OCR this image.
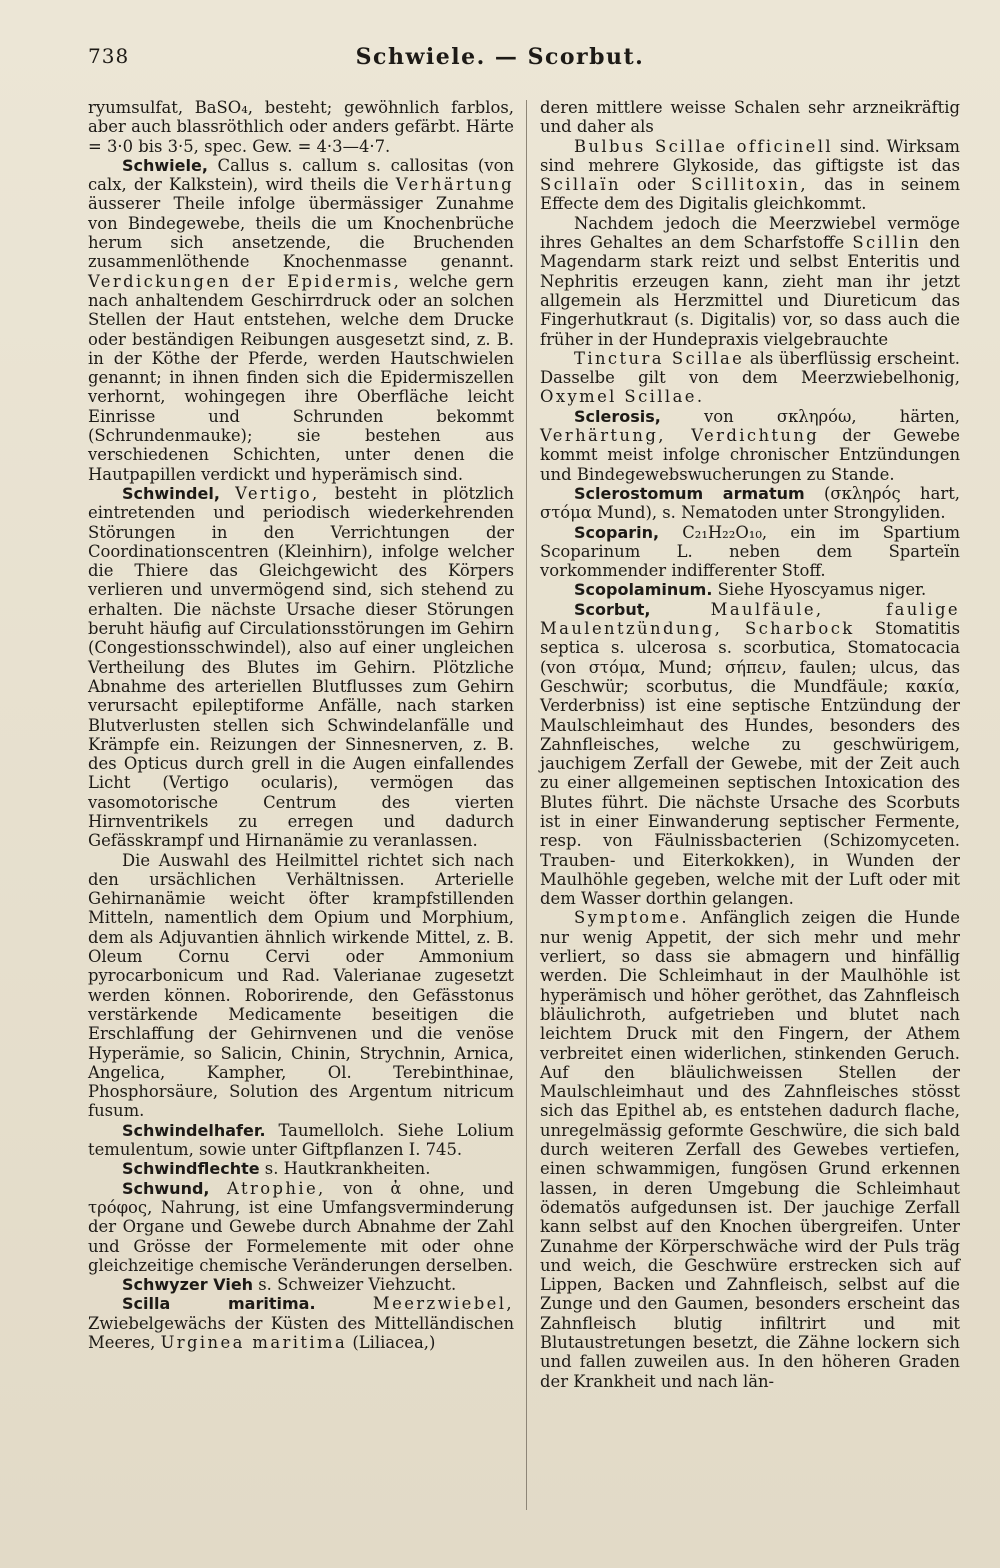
738	Schwiele. — Scorbut.

ryumsulfat, BaSO₄, besteht; gewöhnlich farblos, aber auch blassröthlich oder anders gefärbt. Härte = 3·0 bis 3·5, spec. Gew. = 4·3—4·7.

Schwiele, Callus s. callum s. callositas (von calx, der Kalkstein), wird theils die Verhärtung äusserer Theile infolge übermässiger Zunahme von Bindegewebe, theils die um Knochenbrüche herum sich ansetzende, die Bruchenden zusammenlöthende Knochenmasse genannt. Verdickungen der Epidermis, welche gern nach anhaltendem Geschirrdruck oder an solchen Stellen der Haut entstehen, welche dem Drucke oder beständigen Reibungen ausgesetzt sind, z. B. in der Köthe der Pferde, werden Hautschwielen genannt; in ihnen finden sich die Epidermiszellen verhornt, wohingegen ihre Oberfläche leicht Einrisse und Schrunden bekommt (Schrundenmauke); sie bestehen aus verschiedenen Schichten, unter denen die Hautpapillen verdickt und hyperämisch sind.

Schwindel, Vertigo, besteht in plötzlich eintretenden und periodisch wiederkehrenden Störungen in den Verrichtungen der Coordinationscentren (Kleinhirn), infolge welcher die Thiere das Gleichgewicht des Körpers verlieren und unvermögend sind, sich stehend zu erhalten. Die nächste Ursache dieser Störungen beruht häufig auf Circulationsstörungen im Gehirn (Congestionsschwindel), also auf einer ungleichen Vertheilung des Blutes im Gehirn. Plötzliche Abnahme des arteriellen Blutflusses zum Gehirn verursacht epileptiforme Anfälle, nach starken Blutverlusten stellen sich Schwindelanfälle und Krämpfe ein. Reizungen der Sinnesnerven, z. B. des Opticus durch grell in die Augen einfallendes Licht (Vertigo ocularis), vermögen das vasomotorische Centrum des vierten Hirnventrikels zu erregen und dadurch Gefässkrampf und Hirnanämie zu veranlassen.

Die Auswahl des Heilmittel richtet sich nach den ursächlichen Verhältnissen. Arterielle Gehirnanämie weicht öfter krampfstillenden Mitteln, namentlich dem Opium und Morphium, dem als Adjuvantien ähnlich wirkende Mittel, z. B. Oleum Cornu Cervi oder Ammonium pyrocarbonicum und Rad. Valerianae zugesetzt werden können. Roborirende, den Gefässtonus verstärkende Medicamente beseitigen die Erschlaffung der Gehirnvenen und die venöse Hyperämie, so Salicin, Chinin, Strychnin, Arnica, Angelica, Kampher, Ol. Terebinthinae, Phosphorsäure, Solution des Argentum nitricum fusum.

Schwindelhafer. Taumellolch. Siehe Lolium temulentum, sowie unter Giftpflanzen I. 745.

Schwindflechte s. Hautkrankheiten.

Schwund, Atrophie, von ἀ ohne, und τρόφος, Nahrung, ist eine Umfangsverminderung der Organe und Gewebe durch Abnahme der Zahl und Grösse der Formelemente mit oder ohne gleichzeitige chemische Veränderungen derselben.

Schwyzer Vieh s. Schweizer Viehzucht.

Scilla maritima.	Meerzwiebel, Zwiebelgewächs der Küsten des Mittelländischen Meeres, Urginea maritima (Liliacea,)

deren mittlere weisse Schalen sehr arzneikräftig und daher als

Bulbus Scillae officinell sind. Wirksam sind mehrere Glykoside, das giftigste ist das Scillaïn oder Scillitoxin, das in seinem Effecte dem des Digitalis gleichkommt.

Nachdem jedoch die Meerzwiebel vermöge ihres Gehaltes an dem Scharfstoffe Scillin den Magendarm stark reizt und selbst Enteritis und Nephritis erzeugen kann, zieht man ihr jetzt allgemein als Herzmittel und Diureticum das Fingerhutkraut (s. Digitalis) vor, so dass auch die früher in der Hundepraxis vielgebrauchte

Tinctura Scillae als überflüssig erscheint. Dasselbe gilt von dem Meerzwiebelhonig, Oxymel Scillae.

Sclerosis, von σκληρόω, härten, Verhärtung, Verdichtung der Gewebe kommt meist infolge chronischer Entzündungen und Bindegewebswucherungen zu Stande.

Sclerostomum armatum (σκληρός hart, στόμα Mund), s. Nematoden unter Strongyliden.

Scoparin, C₂₁H₂₂O₁₀, ein im Spartium Scoparinum L. neben dem Sparteïn vorkommender indifferenter Stoff.

Scopolaminum. Siehe Hyoscyamus niger.

Scorbut,	Maulfäule, faulige Maulentzündung, Scharbock Stomatitis septica s. ulcerosa s. scorbutica, Stomatocacia (von στόμα, Mund; σήπειν, faulen; ulcus, das Geschwür; scorbutus, die Mundfäule; κακία, Verderbniss) ist eine septische Entzündung der Maulschleimhaut des Hundes, besonders des Zahnfleisches, welche zu geschwürigem, jauchigem Zerfall der Gewebe, mit der Zeit auch zu einer allgemeinen septischen Intoxication des Blutes führt. Die nächste Ursache des Scorbuts ist in einer Einwanderung septischer Fermente, resp. von Fäulnissbacterien (Schizomyceten. Trauben- und Eiterkokken), in Wunden der Maulhöhle gegeben, welche mit der Luft oder mit dem Wasser dorthin gelangen.

Symptome. Anfänglich zeigen die Hunde nur wenig Appetit, der sich mehr und mehr verliert, so dass sie abmagern und hinfällig werden. Die Schleimhaut in der Maulhöhle ist hyperämisch und höher geröthet, das Zahnfleisch bläulichroth, aufgetrieben und blutet nach leichtem Druck mit den Fingern, der Athem verbreitet einen widerlichen, stinkenden Geruch. Auf den bläulichweissen Stellen der Maulschleimhaut und des Zahnfleisches stösst sich das Epithel ab, es entstehen dadurch flache, unregelmässig geformte Geschwüre, die sich bald durch weiteren Zerfall des Gewebes vertiefen, einen schwammigen, fungösen Grund erkennen lassen, in deren Umgebung die Schleimhaut ödematös aufgedunsen ist. Der jauchige Zerfall kann selbst auf den Knochen übergreifen. Unter Zunahme der Körperschwäche wird der Puls träg und weich, die Geschwüre erstrecken sich auf Lippen, Backen und Zahnfleisch, selbst auf die Zunge und den Gaumen, besonders erscheint das Zahnfleisch blutig infiltrirt und mit Blutaustretungen besetzt, die Zähne lockern sich und fallen zuweilen aus. In den höheren Graden der Krankheit und nach län-
